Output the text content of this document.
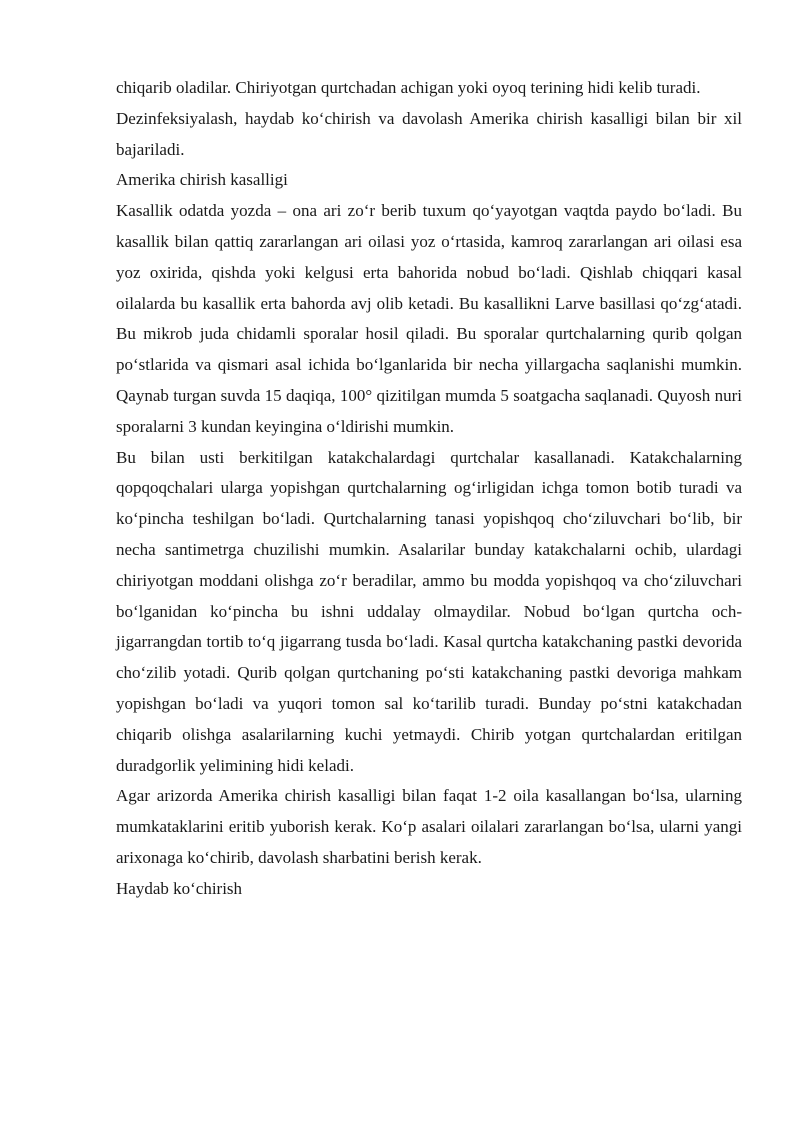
chiqarib oladilar. Chiriyotgan qurtchadan achigan yoki oyoq terining hidi kelib turadi.

Dezinfeksiyalash, haydab ko‘chirish va davolash Amerika chirish kasalligi bilan bir xil bajariladi.

Amerika chirish kasalligi

Kasallik odatda yozda – ona ari zo‘r berib tuxum qo‘yayotgan vaqtda paydo bo‘ladi. Bu kasallik bilan qattiq zararlangan ari oilasi yoz o‘rtasida, kamroq zararlangan ari oilasi esa yoz oxirida, qishda yoki kelgusi erta bahorida nobud bo‘ladi. Qishlab chiqqari kasal oilalarda bu kasallik erta bahorda avj olib ketadi. Bu kasallikni Larve basillasi qo‘zg‘atadi. Bu mikrob juda chidamli sporalar hosil qiladi. Bu sporalar qurtchalarning qurib qolgan po‘stlarida va qismari asal ichida bo‘lganlarida bir necha yillargacha saqlanishi mumkin. Qaynab turgan suvda 15 daqiqa, 100° qizitilgan mumda 5 soatgacha saqlanadi. Quyosh nuri sporalarni 3 kundan keyingina o‘ldirishi mumkin.

Bu bilan usti berkitilgan katakchalardagi qurtchalar kasallanadi. Katakchalarning qopqoqchalari ularga yopishgan qurtchalarning og‘irligidan ichga tomon botib turadi va ko‘pincha teshilgan bo‘ladi. Qurtchalarning tanasi yopishqoq cho‘ziluvchari bo‘lib, bir necha santimetrga chuzilishi mumkin. Asalarilar bunday katakchalarni ochib, ulardagi chiriyotgan moddani olishga zo‘r beradilar, ammo bu modda yopishqoq va cho‘ziluvchari bo‘lganidan ko‘pincha bu ishni uddalay olmaydilar. Nobud bo‘lgan qurtcha och-jigarrangdan tortib to‘q jigarrang tusda bo‘ladi. Kasal qurtcha katakchaning pastki devorida cho‘zilib yotadi. Qurib qolgan qurtchaning po‘sti katakchaning pastki devoriga mahkam yopishgan bo‘ladi va yuqori tomon sal ko‘tarilib turadi. Bunday po‘stni katakchadan chiqarib olishga asalarilarning kuchi yetmaydi. Chirib yotgan qurtchalardan eritilgan duradgorlik yelimining hidi keladi.

Agar arizorda Amerika chirish kasalligi bilan faqat 1-2 oila kasallangan bo‘lsa, ularning mumkataklarini eritib yuborish kerak. Ko‘p asalari oilalari zararlangan bo‘lsa, ularni yangi arixonaga ko‘chirib, davolash sharbatini berish kerak.

Haydab ko‘chirish
